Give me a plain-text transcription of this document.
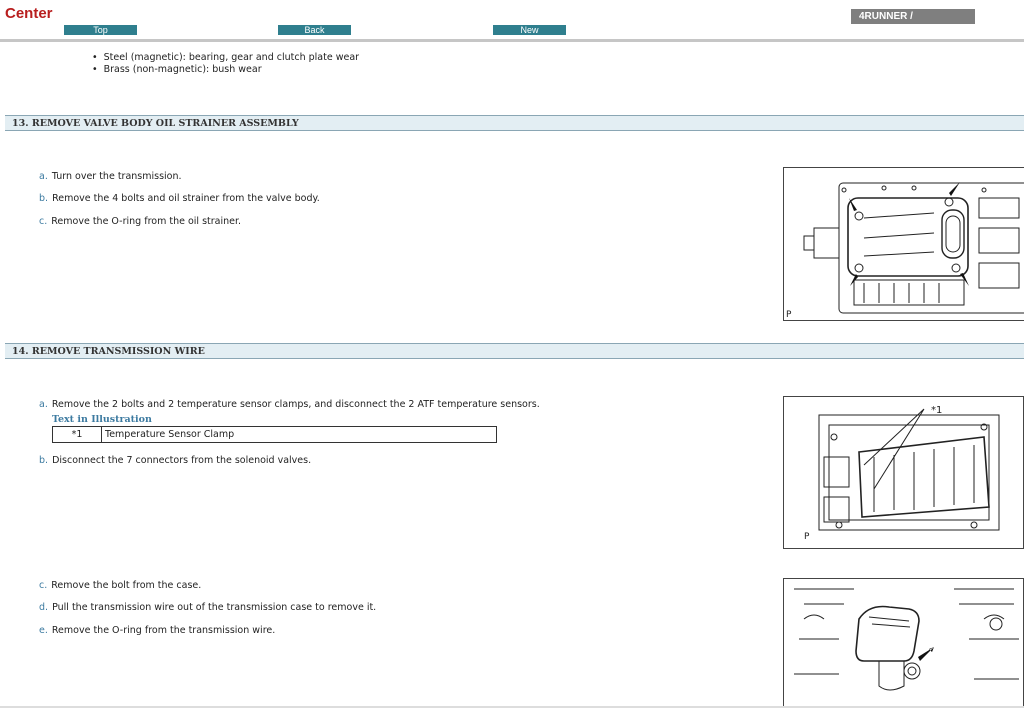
Center
Top	Back	New
4RUNNER /
• Steel (magnetic): bearing, gear and clutch plate wear
• Brass (non-magnetic): bush wear
13. REMOVE VALVE BODY OIL STRAINER ASSEMBLY
a. Turn over the transmission.
b. Remove the 4 bolts and oil strainer from the valve body.
c. Remove the O-ring from the oil strainer.
P
14. REMOVE TRANSMISSION WIRE
a. Remove the 2 bolts and 2 temperature sensor clamps, and disconnect the 2 ATF temperature sensors.
Text in Illustration
*1	Temperature Sensor Clamp
b. Disconnect the 7 connectors from the solenoid valves.
*1
P
c. Remove the bolt from the case.
d. Pull the transmission wire out of the transmission case to remove it.
e. Remove the O-ring from the transmission wire.
